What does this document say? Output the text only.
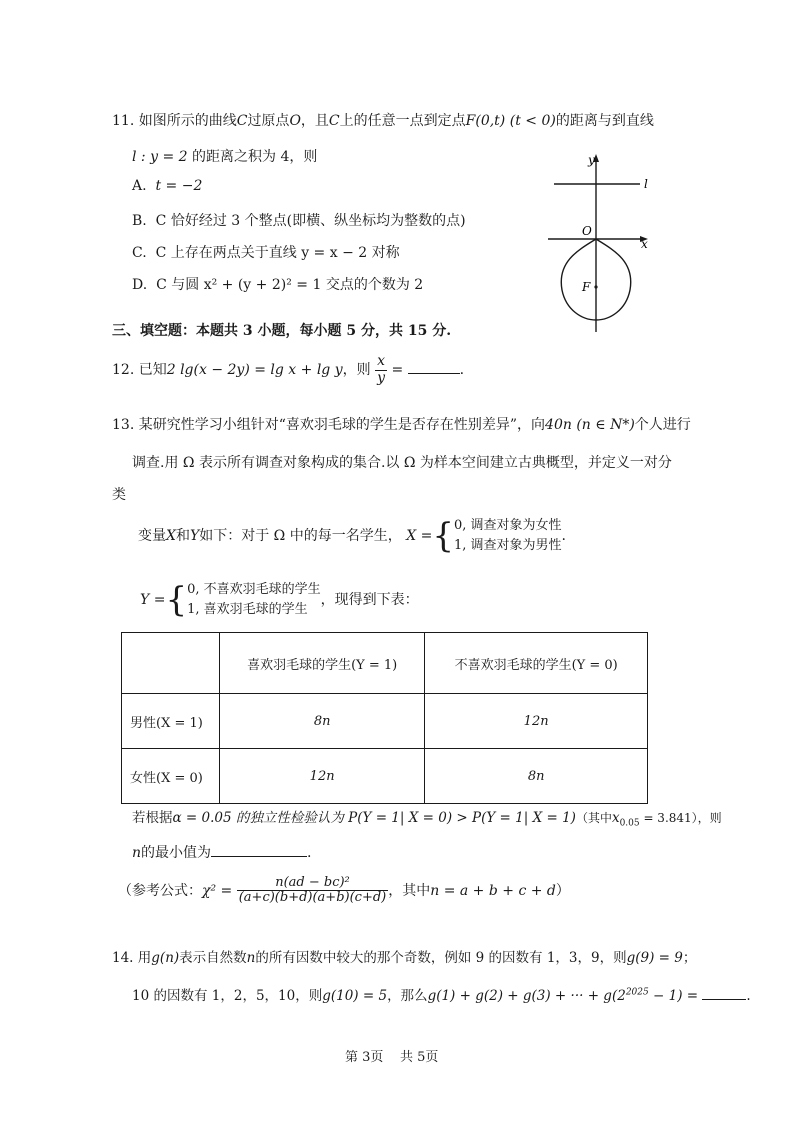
11. 如图所示的曲线C过原点O，且C上的任意一点到定点F(0,t) (t < 0)的距离与到直线
l : y = 2 的距离之积为 4，则
A. t = −2
B. C 恰好经过 3 个整点(即横、纵坐标均为整数的点)
C. C 上存在两点关于直线 y = x − 2 对称
D. C 与圆 x² + (y + 2)² = 1 交点的个数为 2
y
x
l
O
F
三、填空题：本题共 3 小题，每小题 5 分，共 15 分.
12. 已知2 lg(x − 2y) = lg x + lg y，则 $\frac{x}{y}$ =	.
13. 某研究性学习小组针对“喜欢羽毛球的学生是否存在性别差异”，向40n (n ∈ N*)个人进行
调查.用 Ω 表示所有调查对象构成的集合.以 Ω 为样本空间建立古典概型，并定义一对分
类
变量X和Y如下：对于 Ω 中的每一名学生， X ={ 0, 调查对象为女性
1, 调查对象为男性
.
Y ={ 0, 不喜欢羽毛球的学生
1, 喜欢羽毛球的学生
，现得到下表：
	喜欢羽毛球的学生(Y = 1)	不喜欢羽毛球的学生(Y = 0)
男性(X = 1)	8n	12n
女性(X = 0)	12n	8n
若根据α = 0.05 的独立性检验认为 P(Y = 1| X = 0) > P(Y = 1| X = 1)（其中$x_{0.05} = 3.841$），则
n的最小值为	.
（参考公式：$\chi^2 = \frac{\text{n(ad − bc)²}}{(a+c)(b+d)(a+b)(c+d)}$ ，其中n = a + b + c + d）
14. 用g(n)表示自然数n的所有因数中较大的那个奇数，例如 9 的因数有 1，3，9，则g(9) = 9；
10 的因数有 1，2，5，10，则g(10) = 5，那么g(1) + g(2) + g(3) + ··· + $g(2^{2025} - 1)$ =	.
第 3页 共 5页
